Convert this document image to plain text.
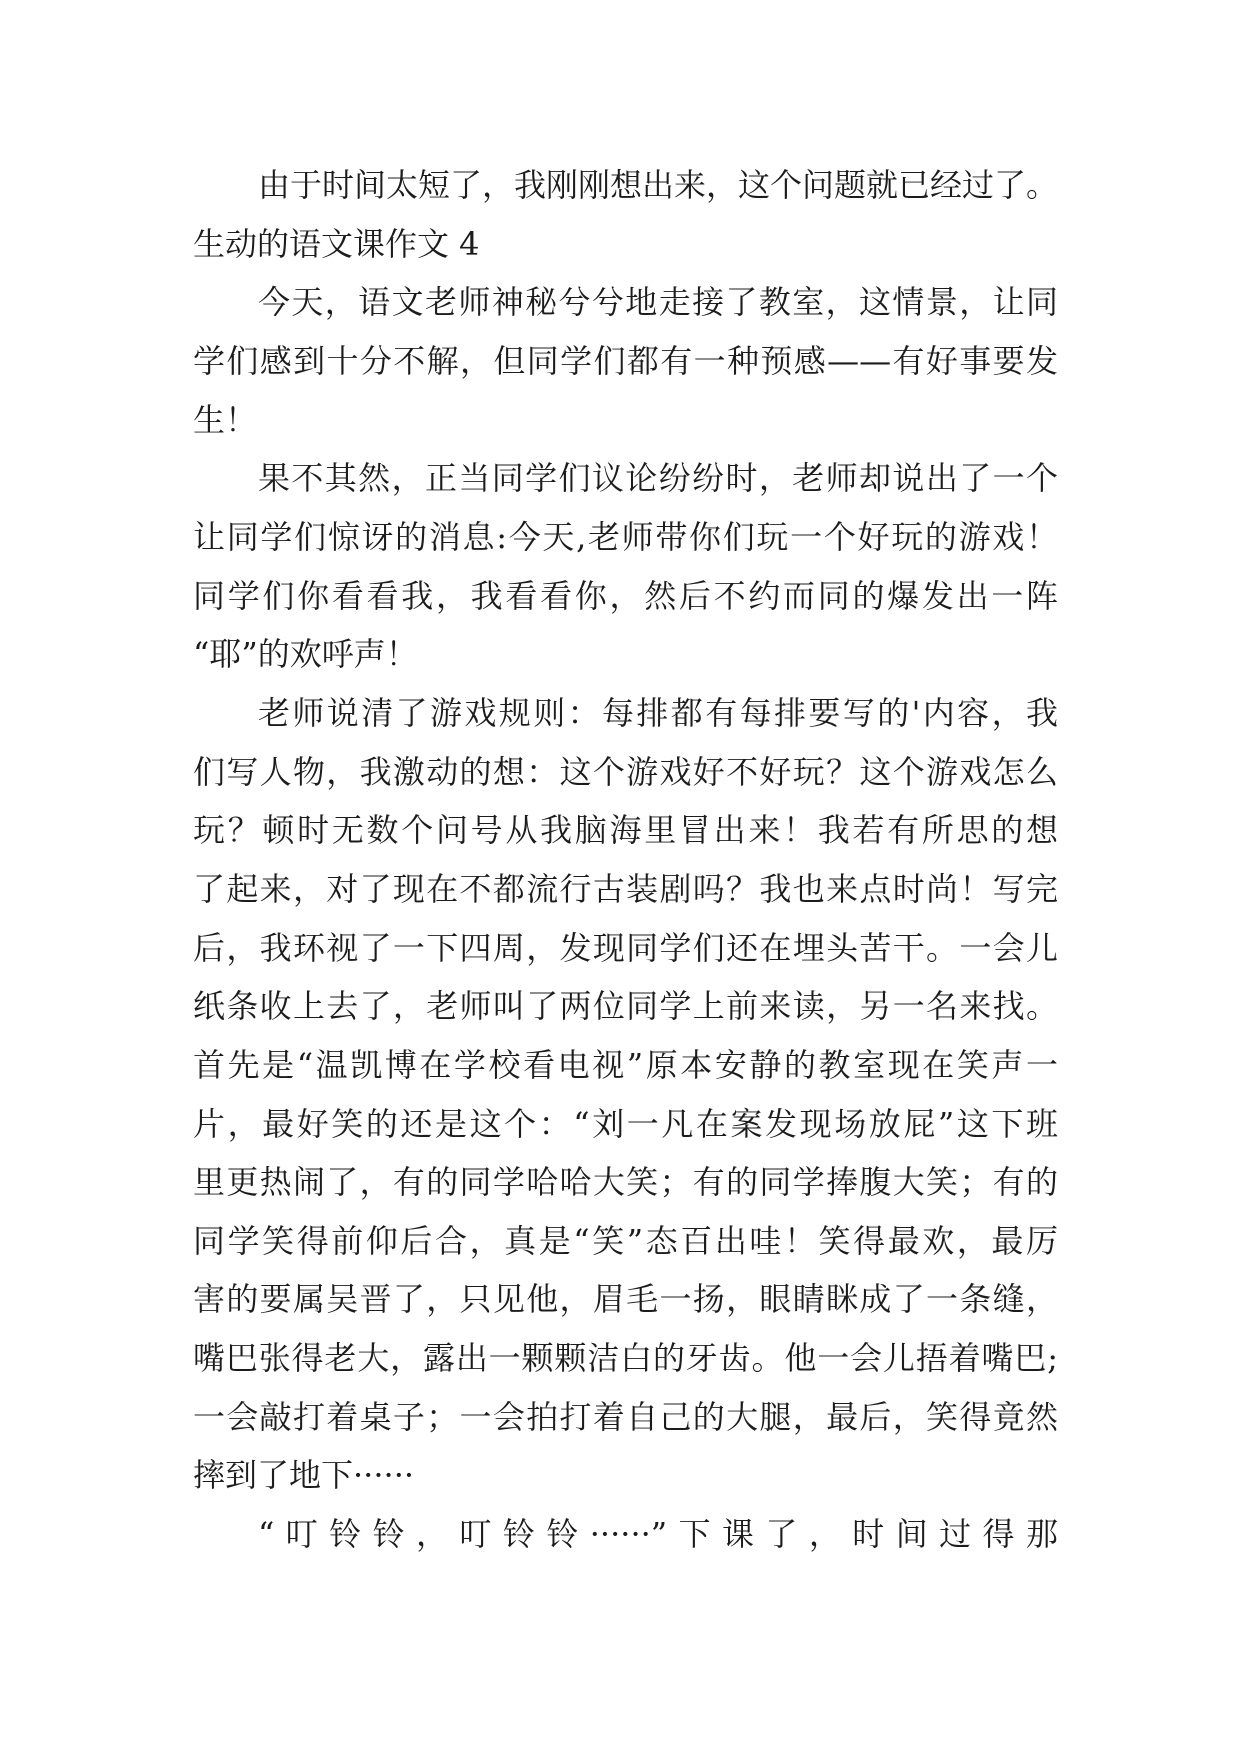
由于时间太短了，我刚刚想出来，这个问题就已经过了。
生动的语文课作文 4
今天，语文老师神秘兮兮地走接了教室，这情景，让同
学们感到十分不解，但同学们都有一种预感——有好事要发
生！
果不其然，正当同学们议论纷纷时，老师却说出了一个
让同学们惊讶的消息:今天,老师带你们玩一个好玩的游戏！
同学们你看看我，我看看你，然后不约而同的爆发出一阵
“耶”的欢呼声！
老师说清了游戏规则：每排都有每排要写的'内容，我
们写人物，我激动的想：这个游戏好不好玩？这个游戏怎么
玩？顿时无数个问号从我脑海里冒出来！我若有所思的想
了起来，对了现在不都流行古装剧吗？我也来点时尚！写完
后，我环视了一下四周，发现同学们还在埋头苦干。一会儿
纸条收上去了，老师叫了两位同学上前来读，另一名来找。
首先是“温凯博在学校看电视”原本安静的教室现在笑声一
片，最好笑的还是这个：“刘一凡在案发现场放屁”这下班
里更热闹了，有的同学哈哈大笑；有的同学捧腹大笑；有的
同学笑得前仰后合，真是“笑”态百出哇！笑得最欢，最厉
害的要属吴晋了，只见他，眉毛一扬，眼睛眯成了一条缝，
嘴巴张得老大，露出一颗颗洁白的牙齿。他一会儿捂着嘴巴;
一会敲打着桌子；一会拍打着自己的大腿，最后，笑得竟然
摔到了地下······
“叮铃铃，叮铃铃······”下课了，时间过得那
